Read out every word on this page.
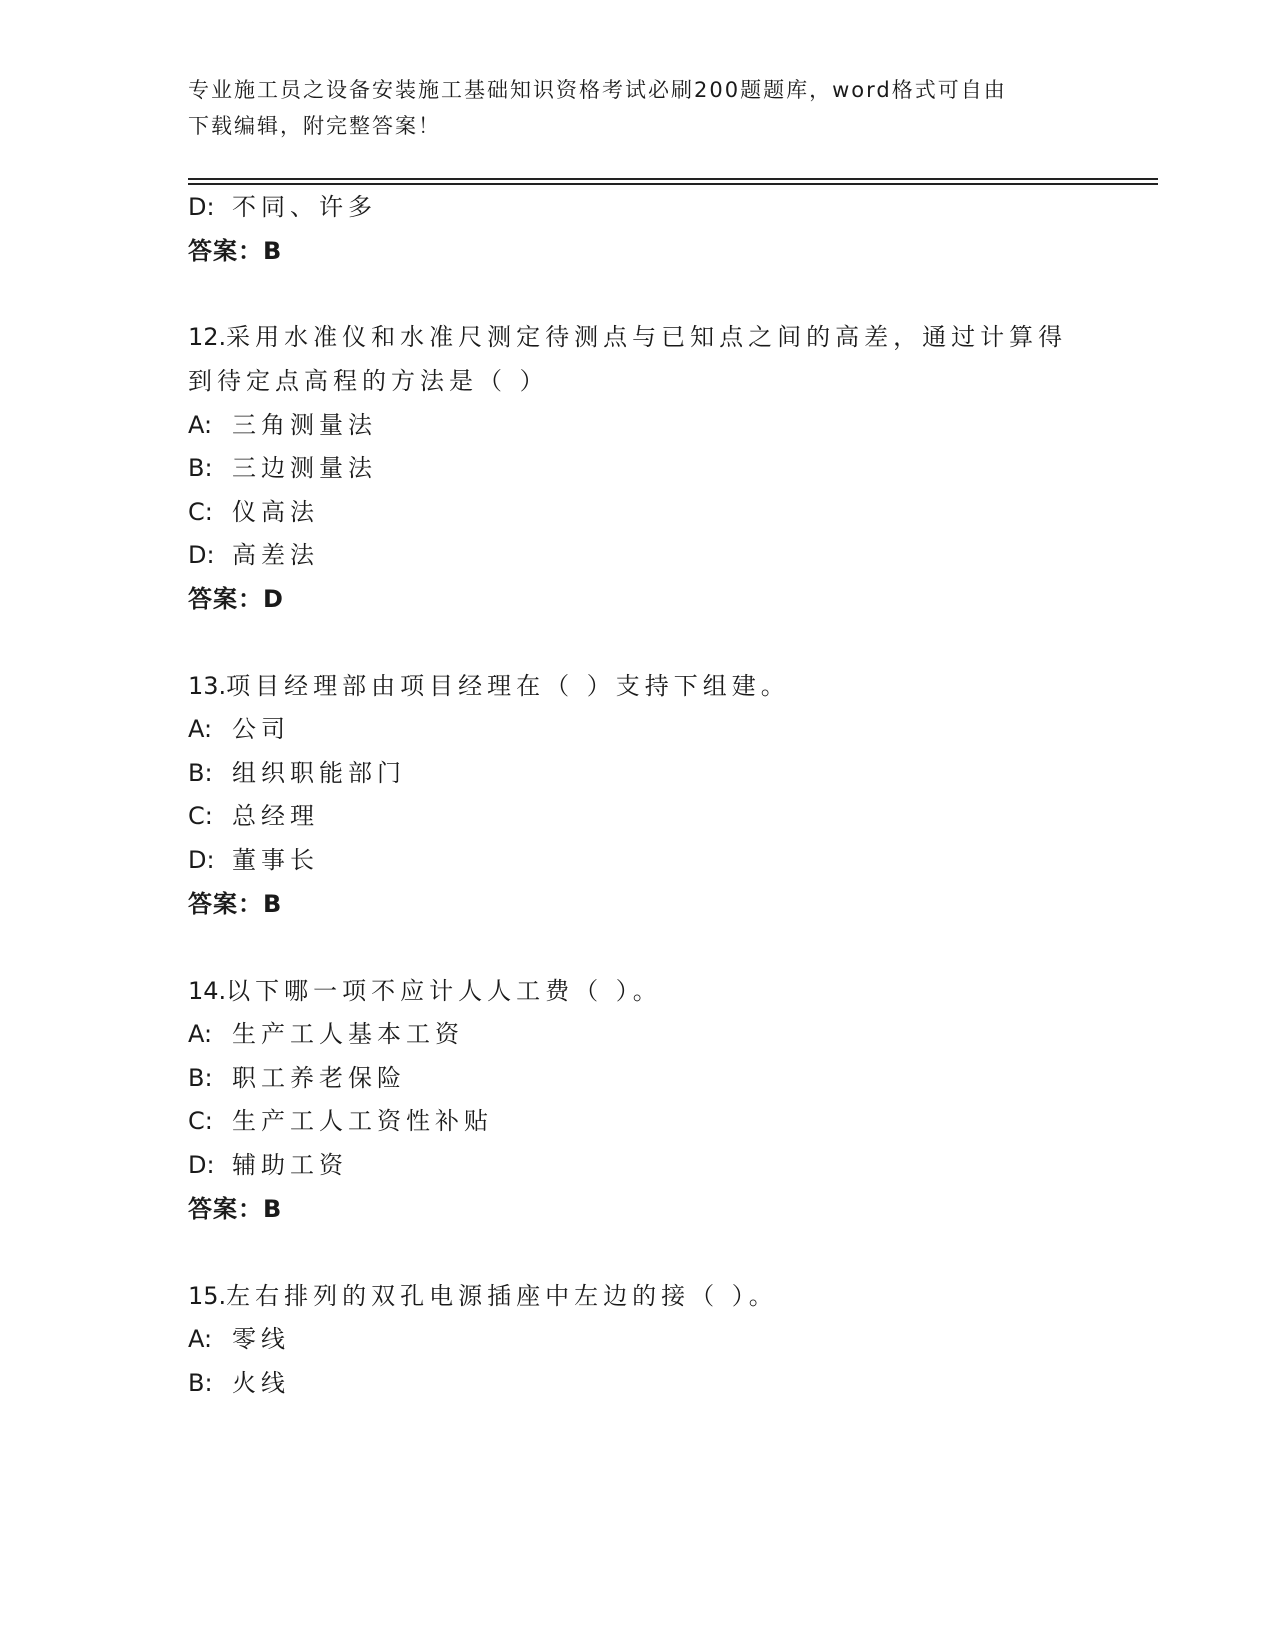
专业施工员之设备安装施工基础知识资格考试必刷200题题库，word格式可自由
下载编辑，附完整答案！
D: 不同、许多
答案：B
12.采用水准仪和水准尺测定待测点与已知点之间的高差，通过计算得
到待定点高程的方法是（ ）
A: 三角测量法
B: 三边测量法
C: 仪高法
D: 高差法
答案：D
13.项目经理部由项目经理在（ ）支持下组建。
A: 公司
B: 组织职能部门
C: 总经理
D: 董事长
答案：B
14.以下哪一项不应计人人工费（ ）。
A: 生产工人基本工资
B: 职工养老保险
C: 生产工人工资性补贴
D: 辅助工资
答案：B
15.左右排列的双孔电源插座中左边的接（ ）。
A: 零线
B: 火线
